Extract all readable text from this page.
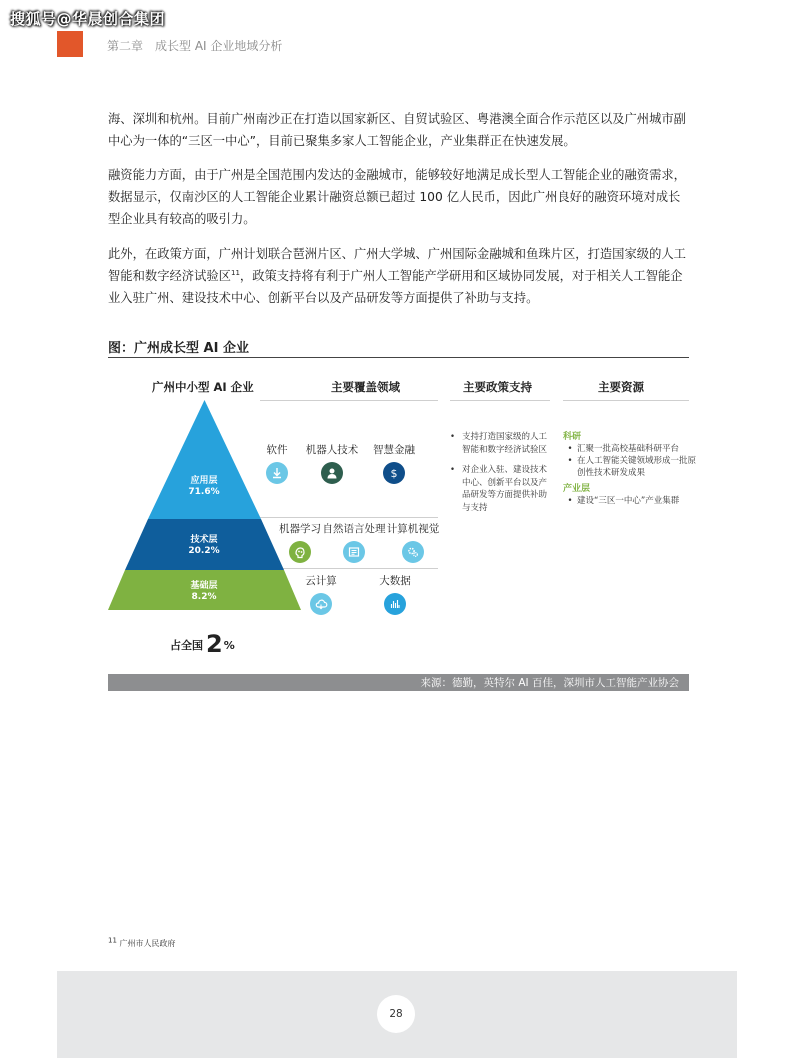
搜狐号@华晨创合集团
第二章　成长型 AI 企业地域分析

海、深圳和杭州。目前广州南沙正在打造以国家新区、自贸试验区、粤港澳全面合作示范区以及广州城市副中心为一体的“三区一中心”，目前已聚集多家人工智能企业，产业集群正在快速发展。

融资能力方面，由于广州是全国范围内发达的金融城市，能够较好地满足成长型人工智能企业的融资需求，数据显示，仅南沙区的人工智能企业累计融资总额已超过 100 亿人民币，因此广州良好的融资环境对成长型企业具有较高的吸引力。

此外，在政策方面，广州计划联合琶洲片区、广州大学城、广州国际金融城和鱼珠片区，打造国家级的人工智能和数字经济试验区$^{11}$，政策支持将有利于广州人工智能产学研用和区域协同发展，对于相关人工智能企业入驻广州、建设技术中心、创新平台以及产品研发等方面提供了补助与支持。

图：广州成长型 AI 企业
广州中小型 AI 企业	主要覆盖领域	主要政策支持	主要资源
应用层
71.6%
技术层
20.2%
基础层
8.2%
软件	机器人技术	智慧金融
$
机器学习 自然语言处理 计算机视觉
云计算	大数据
• 支持打造国家级的人工智能和数字经济试验区
• 对企业入驻、建设技术中心、创新平台以及产品研发等方面提供补助与支持
科研
• 汇聚一批高校基础科研平台
• 在人工智能关键领域形成一批原创性技术研发成果
产业层
• 建设“三区一中心”产业集群
占全国 2%
来源：德勤，英特尔 AI 百佳，深圳市人工智能产业协会
$^{11}$ 广州市人民政府
28
